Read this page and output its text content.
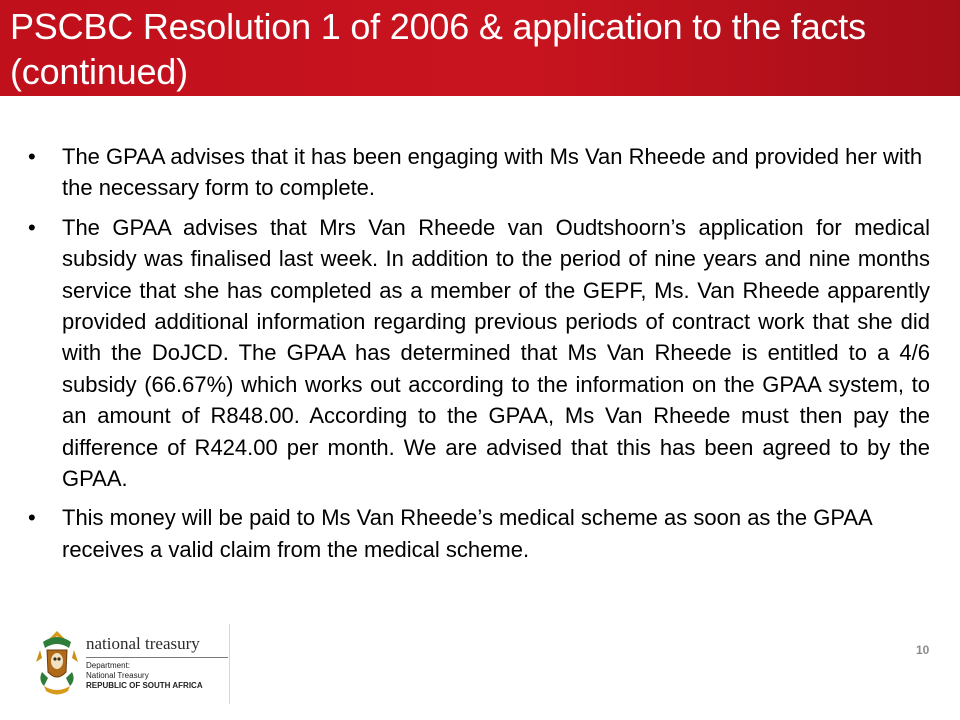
PSCBC Resolution 1 of 2006 & application to the facts (continued)
•	The GPAA advises that it has been engaging with Ms Van Rheede and provided her with the necessary form to complete.
•	The GPAA advises that Mrs Van Rheede van Oudtshoorn’s application for medical subsidy was finalised last week. In addition to the period of nine years and nine months service that she has completed as a member of the GEPF, Ms. Van Rheede apparently provided additional information regarding previous periods of contract work that she did with the DoJCD. The GPAA has determined that Ms Van Rheede is entitled to a 4/6 subsidy (66.67%) which works out according to the information on the GPAA system, to an amount of R848.00. According to the GPAA, Ms Van Rheede must then pay the difference of R424.00 per month. We are advised that this has been agreed to by the GPAA.
•	This money will be paid to Ms Van Rheede’s medical scheme as soon as the GPAA receives a valid claim from the medical scheme.
national treasury
Department:
National Treasury
REPUBLIC OF SOUTH AFRICA
10
